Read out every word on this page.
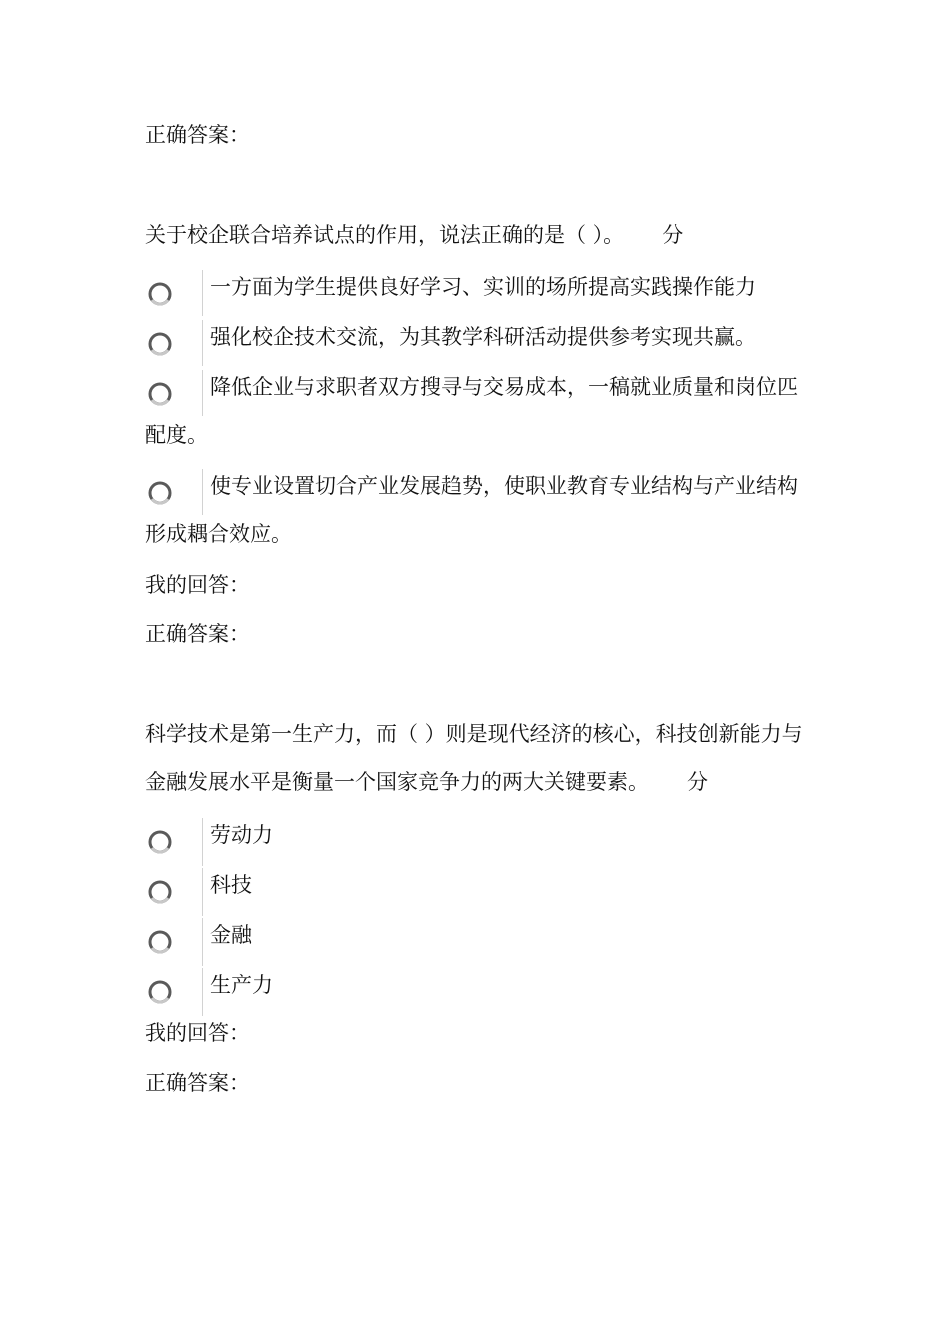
正确答案：
关于校企联合培养试点的作用，说法正确的是（ ）。 分
一方面为学生提供良好学习、实训的场所提高实践操作能力
强化校企技术交流，为其教学科研活动提供参考实现共赢。
降低企业与求职者双方搜寻与交易成本，一稿就业质量和岗位匹配度。
使专业设置切合产业发展趋势，使职业教育专业结构与产业结构形成耦合效应。
我的回答：
正确答案：
科学技术是第一生产力，而（ ）则是现代经济的核心，科技创新能力与金融发展水平是衡量一个国家竞争力的两大关键要素。 分
劳动力
科技
金融
生产力
我的回答：
正确答案：
